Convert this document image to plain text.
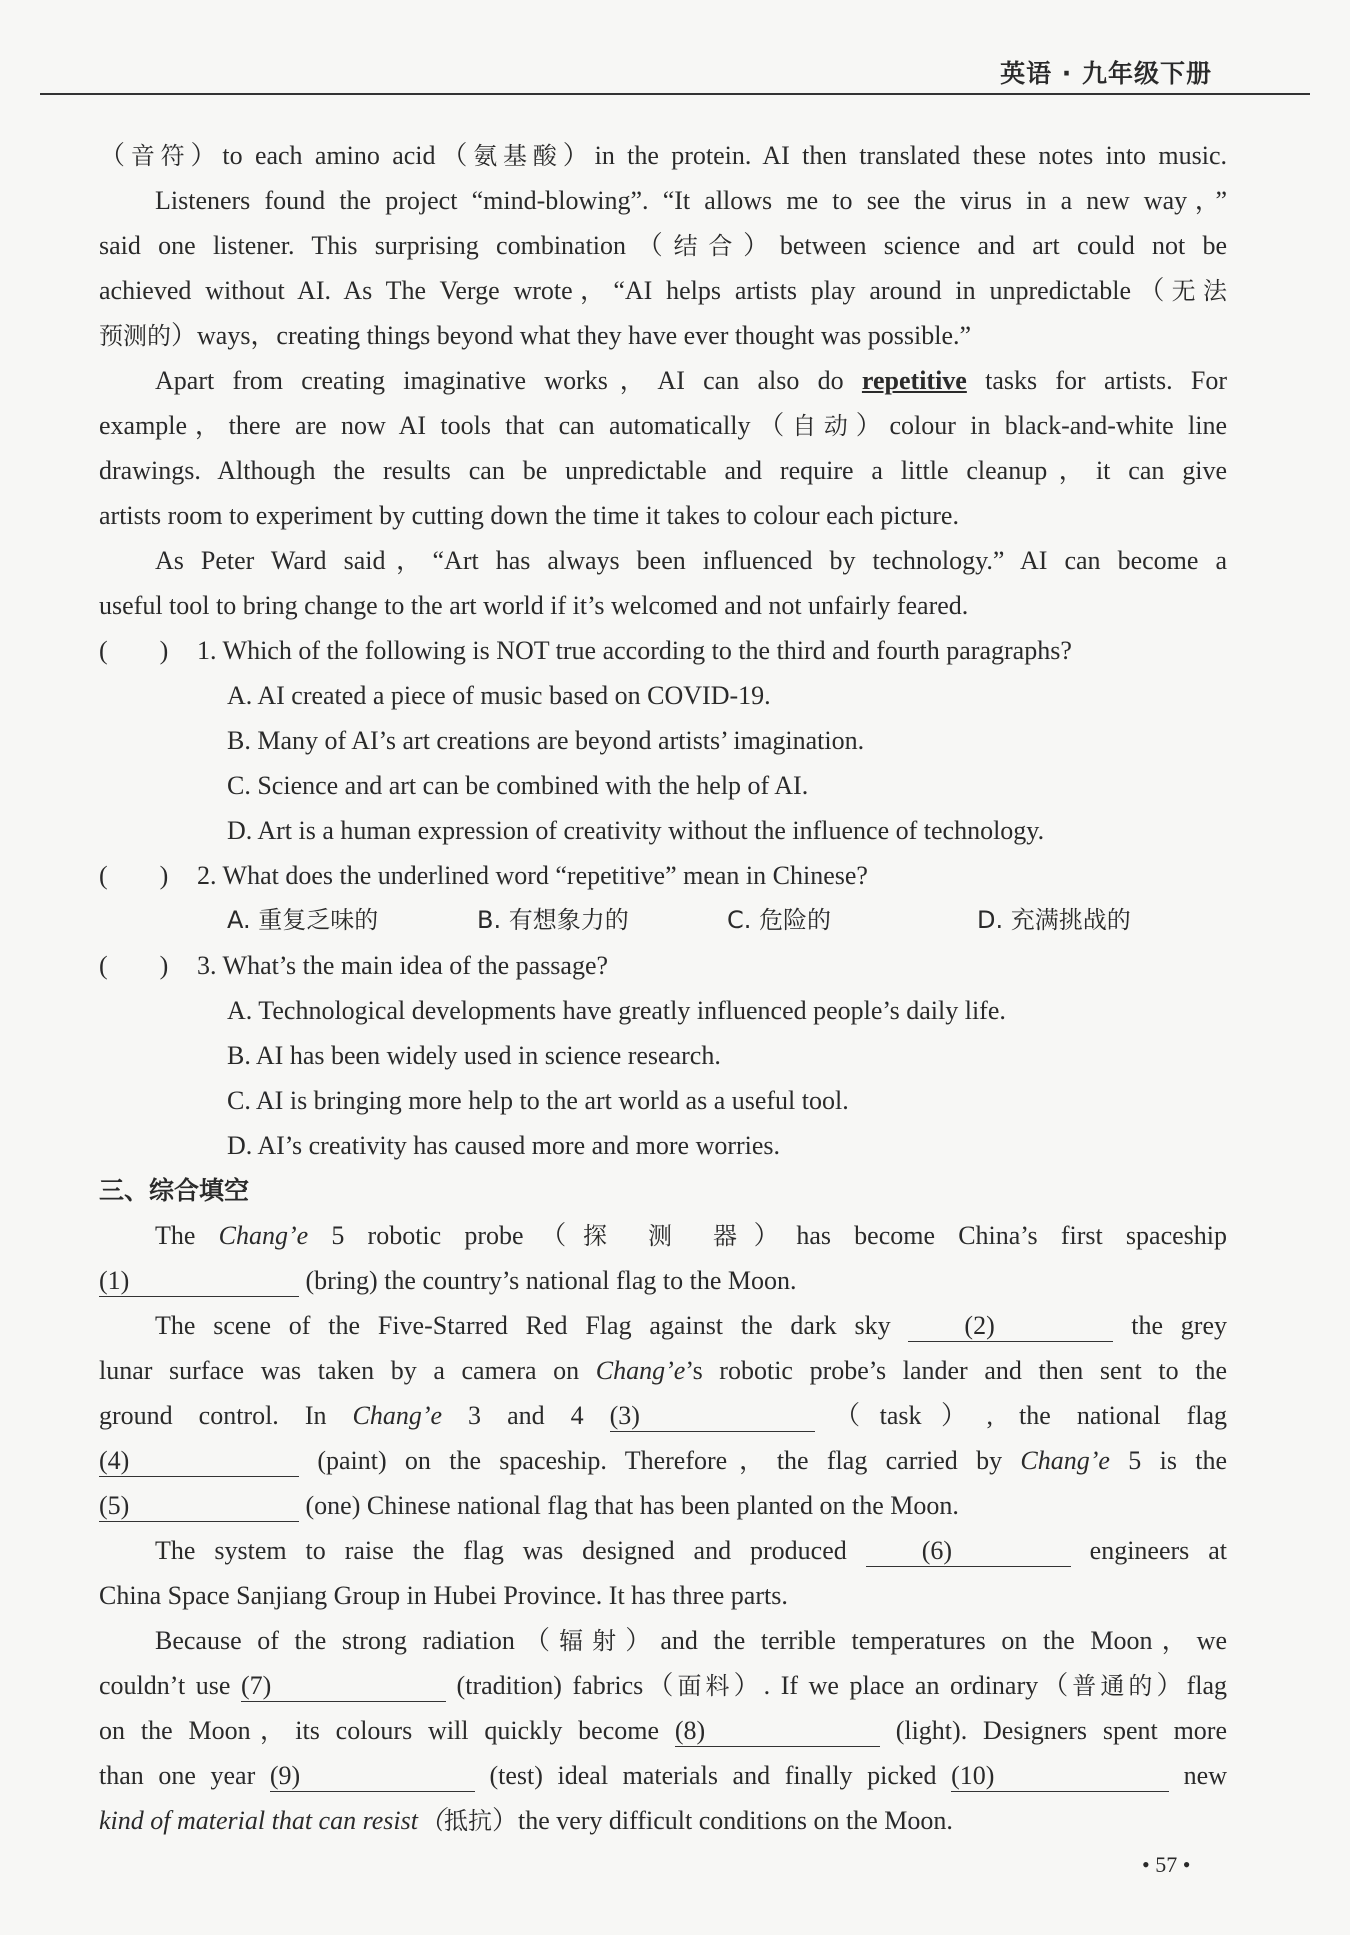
英语 · 九年级下册
（音符）to each amino acid（氨基酸）in the protein. AI then translated these notes into music.
Listeners found the project “mind-blowing”. “It allows me to see the virus in a new way，”
said one listener. This surprising combination（结合）between science and art could not be
achieved without AI. As The Verge wrote，“AI helps artists play around in unpredictable（无法
预测的）ways，creating things beyond what they have ever thought was possible.”
Apart from creating imaginative works，AI can also do repetitive tasks for artists. For
example，there are now AI tools that can automatically（自动）colour in black-and-white line
drawings. Although the results can be unpredictable and require a little cleanup，it can give
artists room to experiment by cutting down the time it takes to colour each picture.
As Peter Ward said，“Art has always been influenced by technology.” AI can become a
useful tool to bring change to the art world if it’s welcomed and not unfairly feared.
(　　) 1. Which of the following is NOT true according to the third and fourth paragraphs?
A. AI created a piece of music based on COVID-19.
B. Many of AI’s art creations are beyond artists’ imagination.
C. Science and art can be combined with the help of AI.
D. Art is a human expression of creativity without the influence of technology.
(　　) 2. What does the underlined word “repetitive” mean in Chinese?
A. 重复乏味的	B. 有想象力的	C. 危险的	D. 充满挑战的
(　　) 3. What’s the main idea of the passage?
A. Technological developments have greatly influenced people’s daily life.
B. AI has been widely used in science research.
C. AI is bringing more help to the art world as a useful tool.
D. AI’s creativity has caused more and more worries.
三、综合填空
The Chang’e 5 robotic probe（探 测 器）has become China’s first spaceship
(1)	(bring) the country’s national flag to the Moon.
The scene of the Five-Starred Red Flag against the dark sky (2)	the grey
lunar surface was taken by a camera on Chang’e’s robotic probe’s lander and then sent to the
ground control. In Chang’e 3 and 4 (3)	（task）, the national flag
(4)	(paint) on the spaceship. Therefore，the flag carried by Chang’e 5 is the
(5)	(one) Chinese national flag that has been planted on the Moon.
The system to raise the flag was designed and produced (6)	engineers at
China Space Sanjiang Group in Hubei Province. It has three parts.
Because of the strong radiation（辐射）and the terrible temperatures on the Moon，we
couldn’t use (7)	(tradition) fabrics（面料）. If we place an ordinary（普通的）flag
on the Moon，its colours will quickly become (8)	(light). Designers spent more
than one year (9)	(test) ideal materials and finally picked (10)	new
kind of material that can resist（抵抗）the very difficult conditions on the Moon.
• 57 •
